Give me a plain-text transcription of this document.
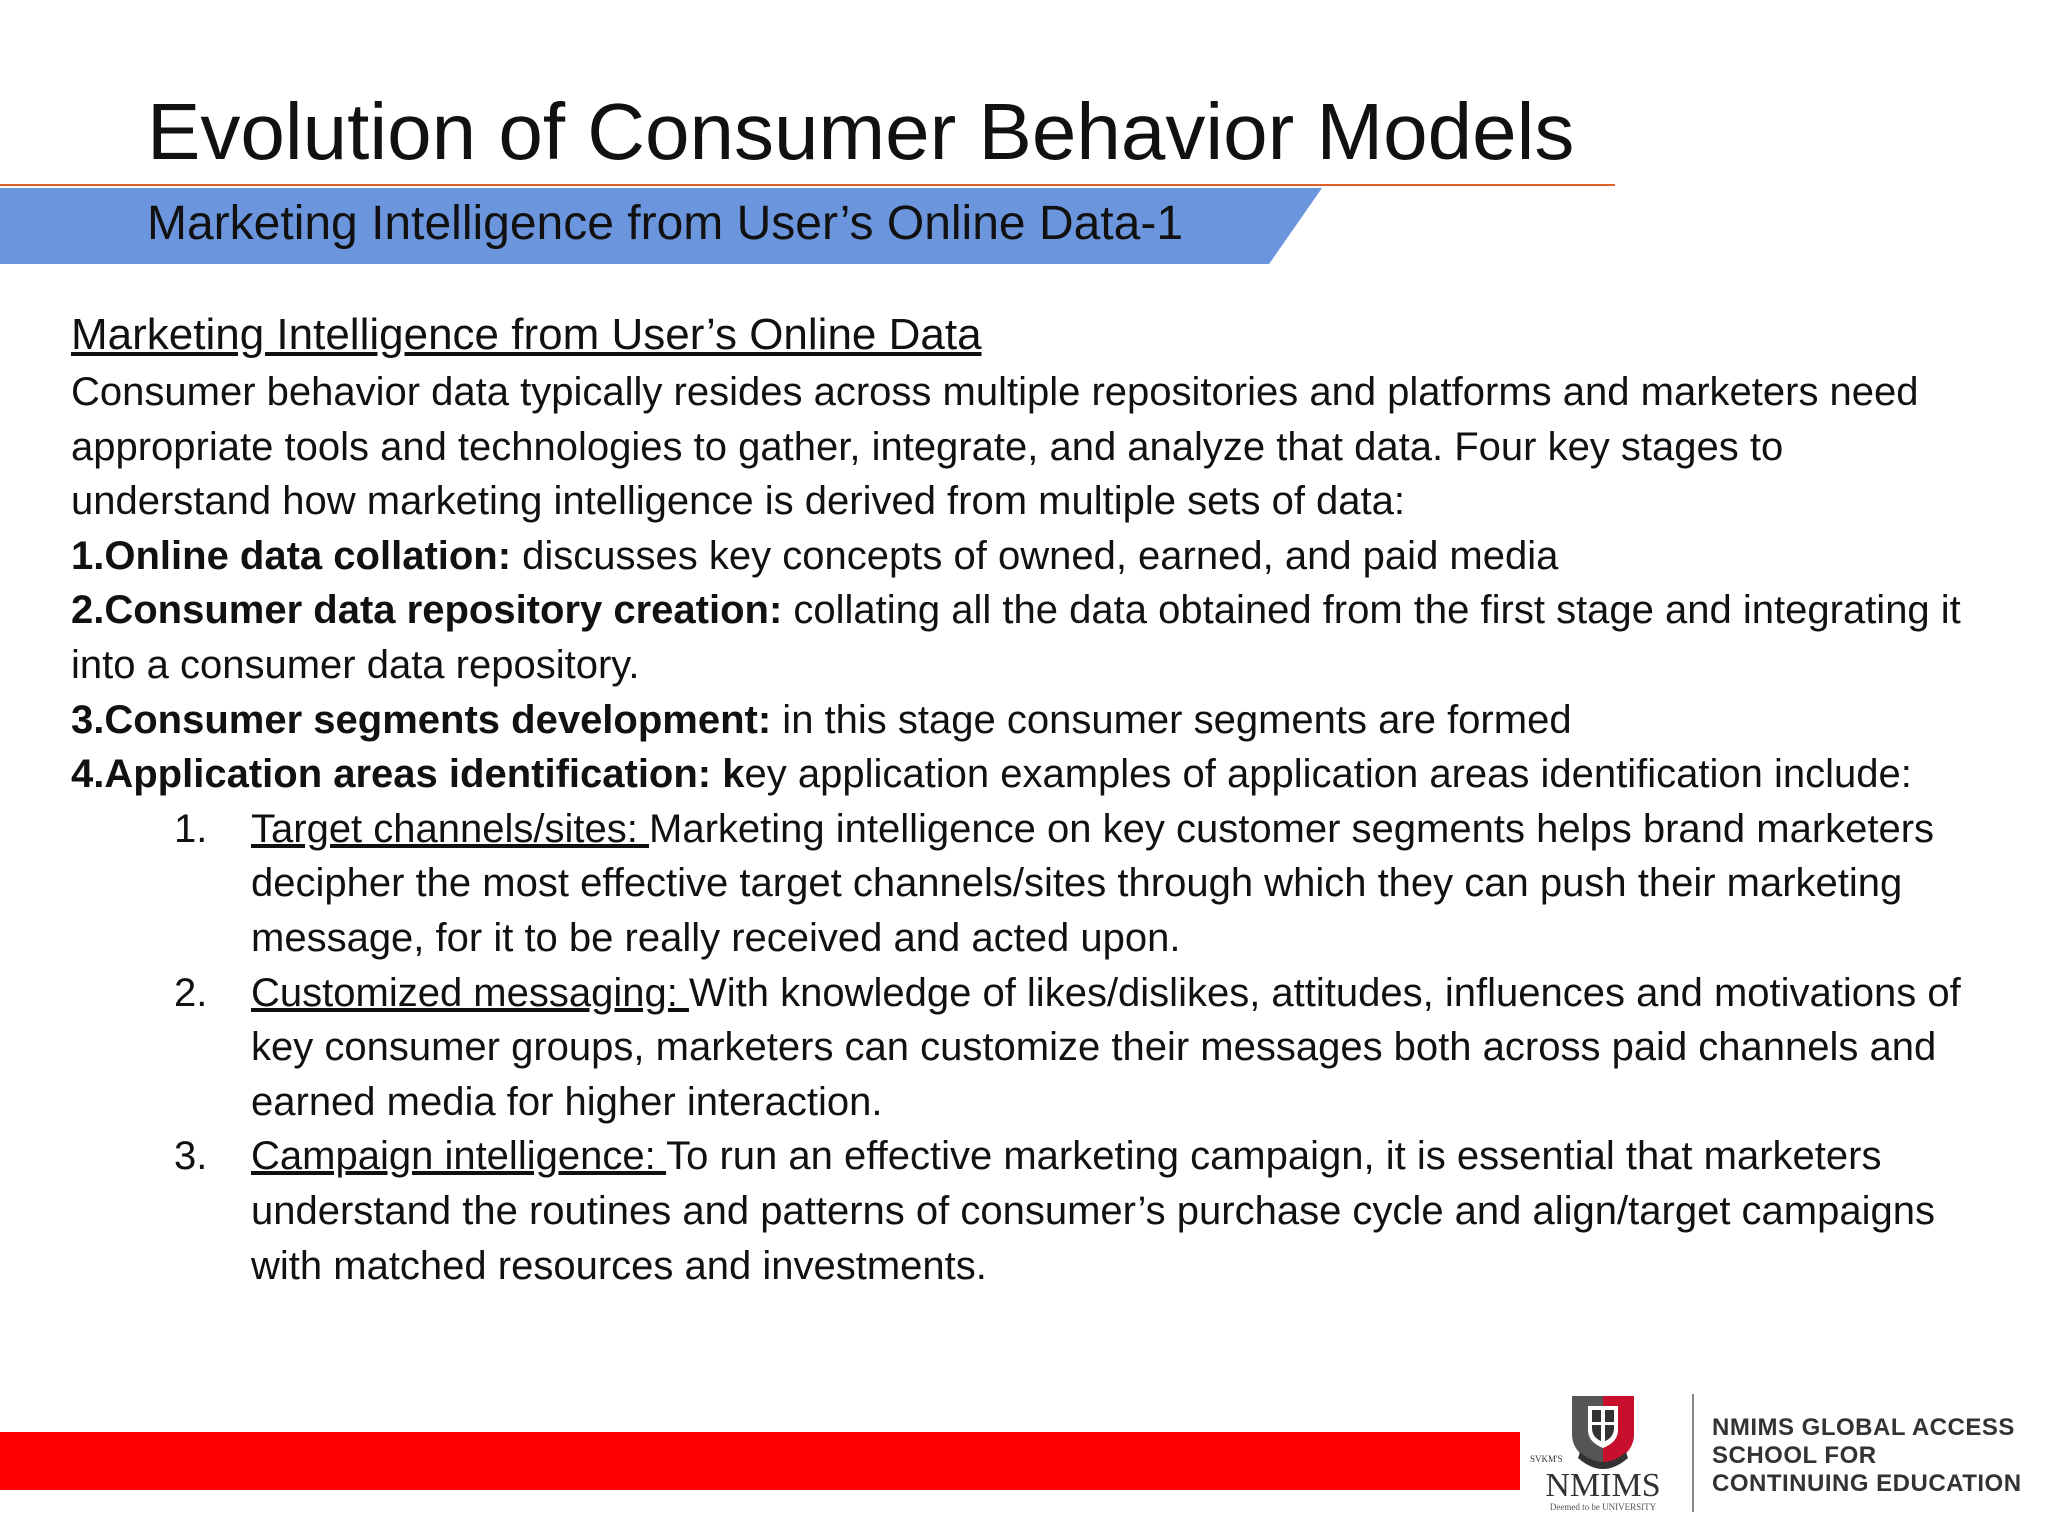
Evolution of Consumer Behavior Models
Marketing Intelligence from User’s Online Data-1

Marketing Intelligence from User’s Online Data

Consumer behavior data typically resides across multiple repositories and platforms and marketers need appropriate tools and technologies to gather, integrate, and analyze that data. Four key stages to understand how marketing intelligence is derived from multiple sets of data:

1.Online data collation: discusses key concepts of owned, earned, and paid media

2.Consumer data repository creation: collating all the data obtained from the first stage and integrating it into a consumer data repository.

3.Consumer segments development: in this stage consumer segments are formed

4.Application areas identification: key application examples of application areas identification include:

1. Target channels/sites: Marketing intelligence on key customer segments helps brand marketers decipher the most effective target channels/sites through which they can push their marketing message, for it to be really received and acted upon.
2. Customized messaging: With knowledge of likes/dislikes, attitudes, influences and motivations of key consumer groups, marketers can customize their messages both across paid channels and earned media for higher interaction.
3. Campaign intelligence: To run an effective marketing campaign, it is essential that marketers understand the routines and patterns of consumer’s purchase cycle and align/target campaigns with matched resources and investments.
SVKM'S
NMIMS
Deemed to be UNIVERSITY
NMIMS GLOBAL ACCESS
SCHOOL FOR
CONTINUING EDUCATION
